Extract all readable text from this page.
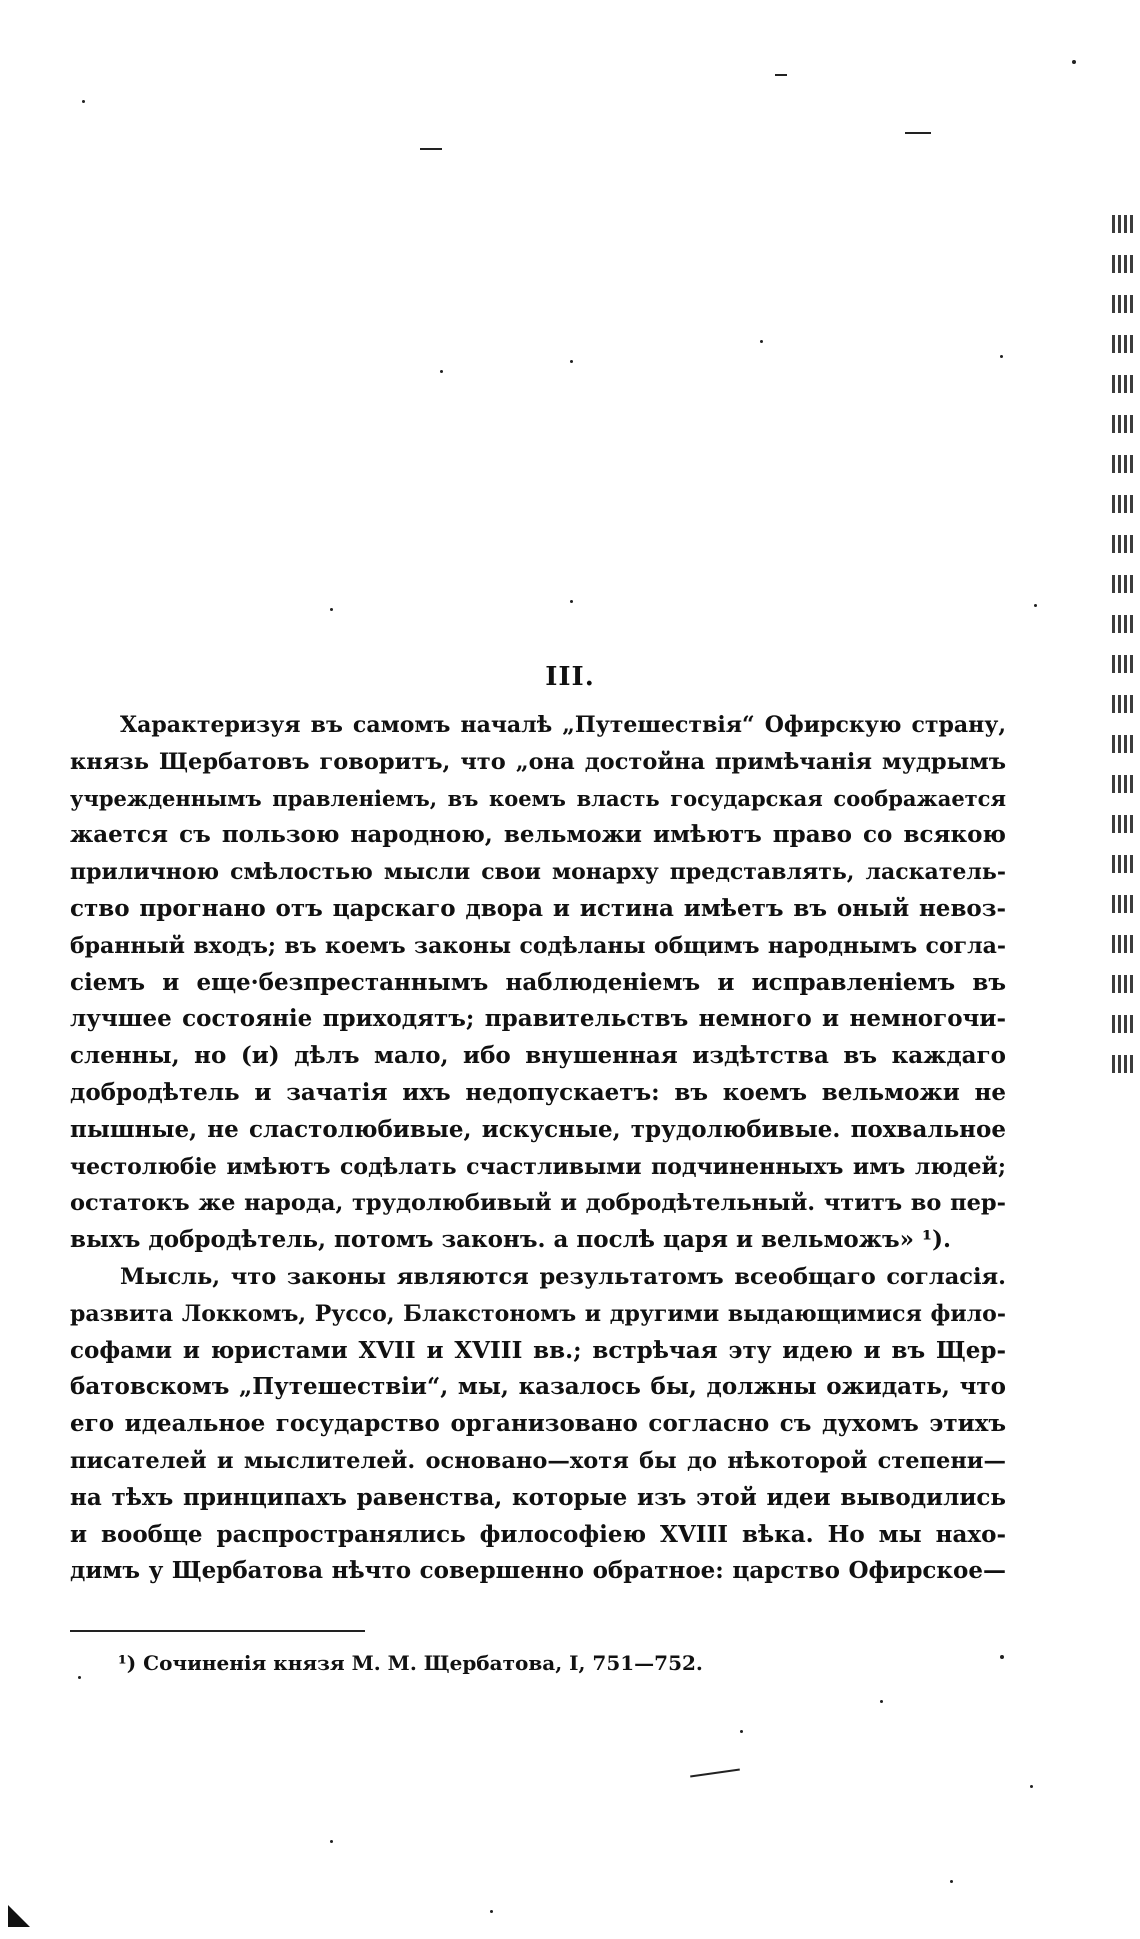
III.
Характеризуя въ самомъ началѣ „Путешествія“ Офирскую страну,
князь Щербатовъ говоритъ, что „она достойна примѣчанія мудрымъ
учрежденнымъ правленіемъ, въ коемъ власть государская соображается
жается съ пользою народною, вельможи имѣютъ право со всякою
приличною смѣлостью мысли свои монарху представлять, ласкатель-
ство прогнано отъ царскаго двора и истина имѣетъ въ оный невоз-
бранный входъ; въ коемъ законы содѣланы общимъ народнымъ согла-
сіемъ и еще·безпрестаннымъ наблюденіемъ и исправленіемъ въ
лучшее состояніе приходятъ; правительствъ немного и немногочи-
сленны, но (и) дѣлъ мало, ибо внушенная издѣтства въ каждаго
добродѣтель и зачатія ихъ недопускаетъ: въ коемъ вельможи не
пышные, не сластолюбивые, искусные, трудолюбивые. похвальное
честолюбіе имѣютъ содѣлать счастливыми подчиненныхъ имъ людей;
остатокъ же народа, трудолюбивый и добродѣтельный. чтитъ во пер-
выхъ добродѣтель, потомъ законъ. а послѣ царя и вельможъ» ¹).
Мысль, что законы являются результатомъ всеобщаго согласія.
развита Локкомъ, Руссо, Блакстономъ и другими выдающимися фило-
софами и юристами XVII и XVIII вв.; встрѣчая эту идею и въ Щер-
батовскомъ „Путешествіи“, мы, казалось бы, должны ожидать, что
его идеальное государство организовано согласно съ духомъ этихъ
писателей и мыслителей. основано—хотя бы до нѣкоторой степени—
на тѣхъ принципахъ равенства, которые изъ этой идеи выводились
и вообще распространялись философіею XVIII вѣка. Но мы нахо-
димъ у Щербатова нѣчто совершенно обратное: царство Офирское—
¹) Сочиненія князя М. М. Щербатова, I, 751—752.
